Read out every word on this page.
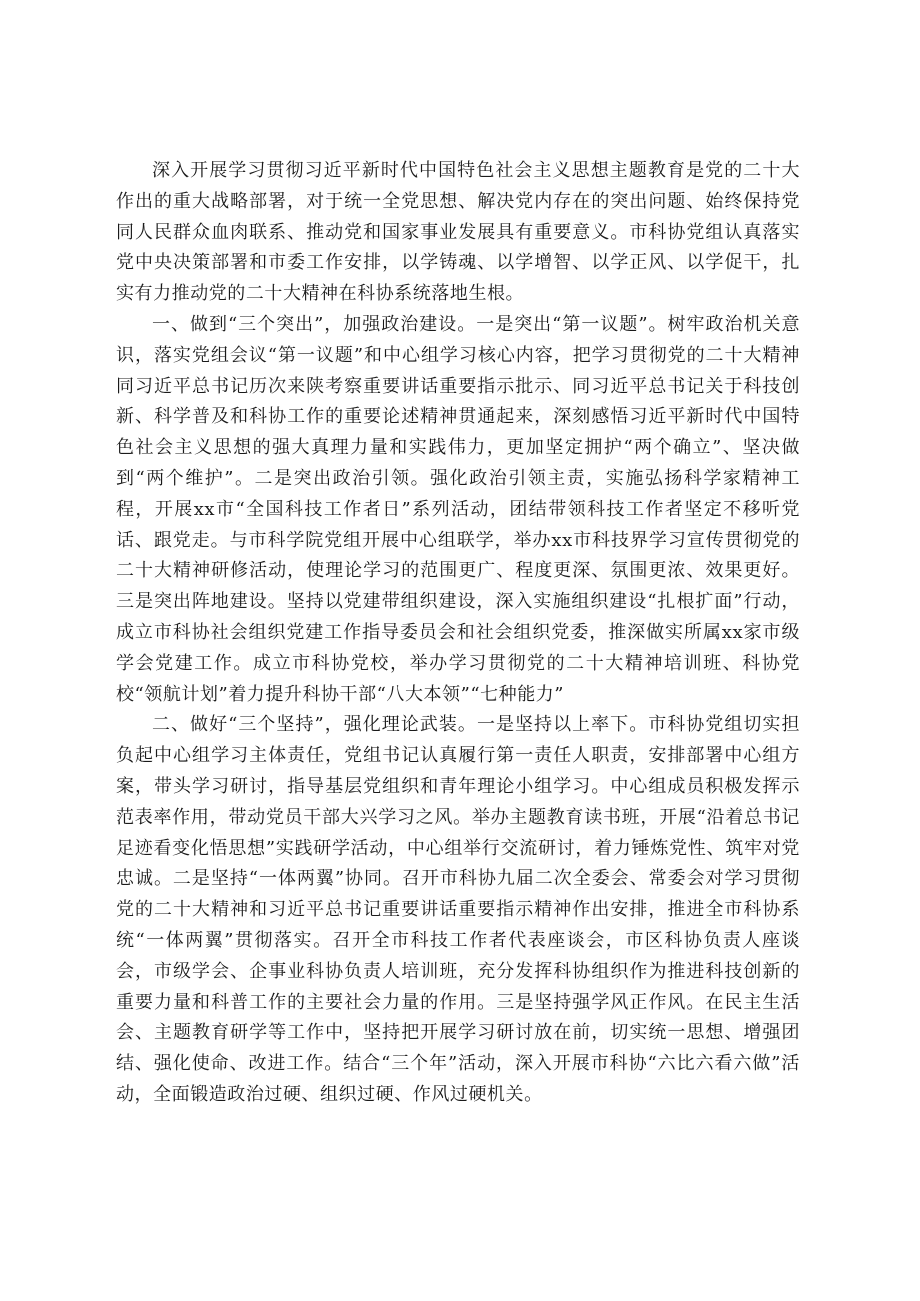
深入开展学习贯彻习近平新时代中国特色社会主义思想主题教育是党的二十大作出的重大战略部署，对于统一全党思想、解决党内存在的突出问题、始终保持党同人民群众血肉联系、推动党和国家事业发展具有重要意义。市科协党组认真落实党中央决策部署和市委工作安排，以学铸魂、以学增智、以学正风、以学促干，扎实有力推动党的二十大精神在科协系统落地生根。

一、做到“三个突出”，加强政治建设。一是突出“第一议题”。树牢政治机关意识，落实党组会议“第一议题”和中心组学习核心内容，把学习贯彻党的二十大精神同习近平总书记历次来陕考察重要讲话重要指示批示、同习近平总书记关于科技创新、科学普及和科协工作的重要论述精神贯通起来，深刻感悟习近平新时代中国特色社会主义思想的强大真理力量和实践伟力，更加坚定拥护“两个确立”、坚决做到“两个维护”。二是突出政治引领。强化政治引领主责，实施弘扬科学家精神工程，开展xx市“全国科技工作者日”系列活动，团结带领科技工作者坚定不移听党话、跟党走。与市科学院党组开展中心组联学，举办xx市科技界学习宣传贯彻党的二十大精神研修活动，使理论学习的范围更广、程度更深、氛围更浓、效果更好。三是突出阵地建设。坚持以党建带组织建设，深入实施组织建设“扎根扩面”行动，成立市科协社会组织党建工作指导委员会和社会组织党委，推深做实所属xx家市级学会党建工作。成立市科协党校，举办学习贯彻党的二十大精神培训班、科协党校“领航计划”着力提升科协干部“八大本领”“七种能力”

二、做好“三个坚持”，强化理论武装。一是坚持以上率下。市科协党组切实担负起中心组学习主体责任，党组书记认真履行第一责任人职责，安排部署中心组方案，带头学习研讨，指导基层党组织和青年理论小组学习。中心组成员积极发挥示范表率作用，带动党员干部大兴学习之风。举办主题教育读书班，开展“沿着总书记足迹看变化悟思想”实践研学活动，中心组举行交流研讨，着力锤炼党性、筑牢对党忠诚。二是坚持“一体两翼”协同。召开市科协九届二次全委会、常委会对学习贯彻党的二十大精神和习近平总书记重要讲话重要指示精神作出安排，推进全市科协系统“一体两翼”贯彻落实。召开全市科技工作者代表座谈会，市区科协负责人座谈会，市级学会、企事业科协负责人培训班，充分发挥科协组织作为推进科技创新的重要力量和科普工作的主要社会力量的作用。三是坚持强学风正作风。在民主生活会、主题教育研学等工作中，坚持把开展学习研讨放在前，切实统一思想、增强团结、强化使命、改进工作。结合“三个年”活动，深入开展市科协“六比六看六做”活动，全面锻造政治过硬、组织过硬、作风过硬机关。
